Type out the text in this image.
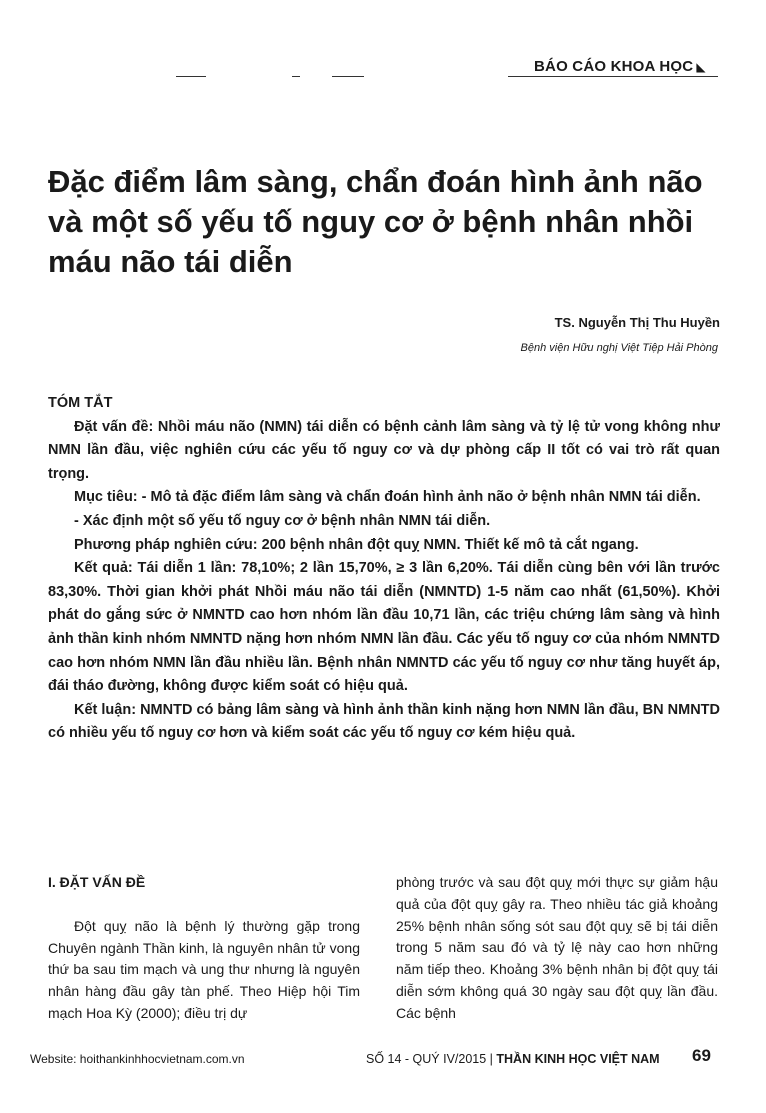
BÁO CÁO KHOA HỌC ◣
Đặc điểm lâm sàng, chẩn đoán hình ảnh não và một số yếu tố nguy cơ ở bệnh nhân nhồi máu não tái diễn
TS. Nguyễn Thị Thu Huyền
Bệnh viện Hữu nghị Việt Tiệp Hải Phòng
TÓM TẮT

Đặt vấn đề: Nhồi máu não (NMN) tái diễn có bệnh cảnh lâm sàng và tỷ lệ tử vong không như NMN lần đầu, việc nghiên cứu các yếu tố nguy cơ và dự phòng cấp II tốt có vai trò rất quan trọng.

Mục tiêu: - Mô tả đặc điểm lâm sàng và chẩn đoán hình ảnh não ở bệnh nhân NMN tái diễn.

- Xác định một số yếu tố nguy cơ ở bệnh nhân NMN tái diễn.

Phương pháp nghiên cứu: 200 bệnh nhân đột quỵ NMN. Thiết kế mô tả cắt ngang.

Kết quả: Tái diễn 1 lần: 78,10%; 2 lần 15,70%, ≥ 3 lần 6,20%. Tái diễn cùng bên với lần trước 83,30%. Thời gian khởi phát Nhồi máu não tái diễn (NMNTD) 1-5 năm cao nhất (61,50%). Khởi phát do gắng sức ở NMNTD cao hơn nhóm lần đầu 10,71 lần, các triệu chứng lâm sàng và hình ảnh thần kinh nhóm NMNTD nặng hơn nhóm NMN lần đầu. Các yếu tố nguy cơ của nhóm NMNTD cao hơn nhóm NMN lần đầu nhiều lần. Bệnh nhân NMNTD các yếu tố nguy cơ như tăng huyết áp, đái tháo đường, không được kiểm soát có hiệu quả.

Kết luận: NMNTD có bảng lâm sàng và hình ảnh thần kinh nặng hơn NMN lần đầu, BN NMNTD có nhiều yếu tố nguy cơ hơn và kiểm soát các yếu tố nguy cơ kém hiệu quả.

I. ĐẶT VẤN ĐỀ

Đột quỵ não là bệnh lý thường gặp trong Chuyên ngành Thần kinh, là nguyên nhân tử vong thứ ba sau tim mạch và ung thư nhưng là nguyên nhân hàng đầu gây tàn phế. Theo Hiệp hội Tim mạch Hoa Kỳ (2000); điều trị dự

phòng trước và sau đột quỵ mới thực sự giảm hậu quả của đột quỵ gây ra. Theo nhiều tác giả khoảng 25% bệnh nhân sống sót sau đột quỵ sẽ bị tái diễn trong 5 năm sau đó và tỷ lệ này cao hơn những năm tiếp theo. Khoảng 3% bệnh nhân bị đột quỵ tái diễn sớm không quá 30 ngày sau đột quỵ lần đầu. Các bệnh

Website: hoithankinhhocvietnam.com.vn	SỐ 14 - QUÝ IV/2015 | THẦN KINH HỌC VIỆT NAM 69
